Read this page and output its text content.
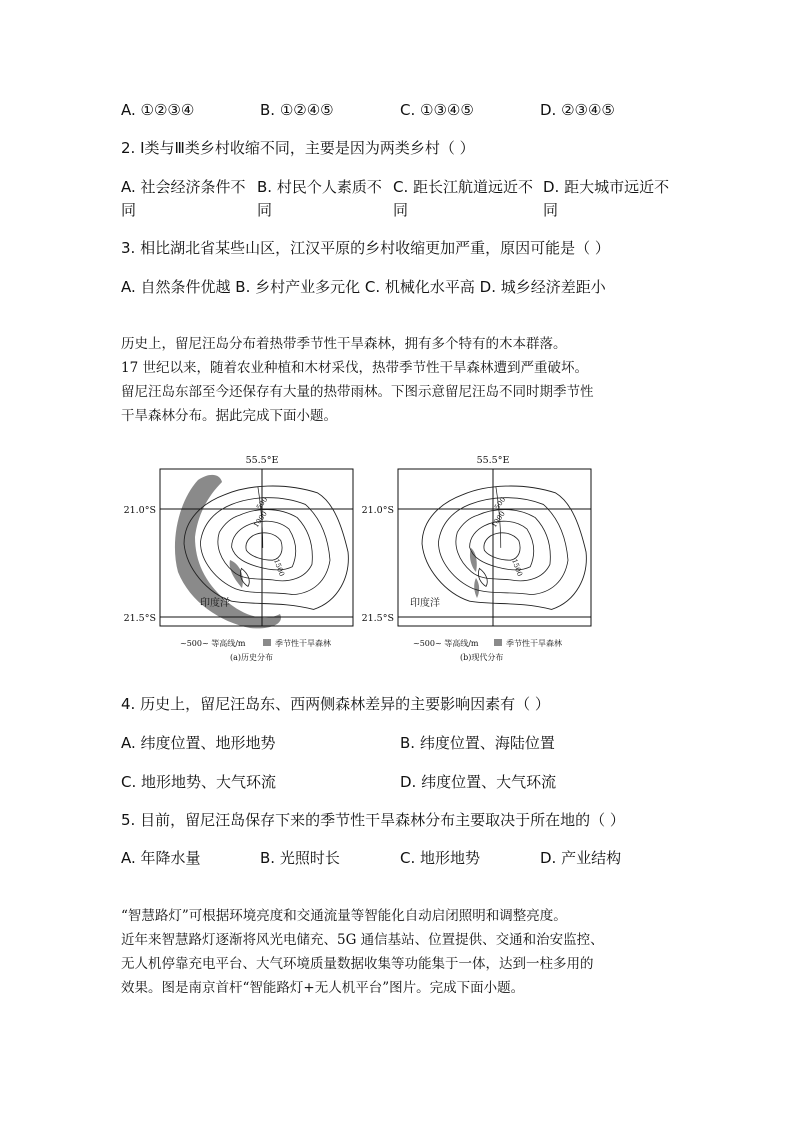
A. ①②③④	B. ①②④⑤	C. ①③④⑤	D. ②③④⑤
2. Ⅰ类与Ⅲ类乡村收缩不同，主要是因为两类乡村（ ）
A. 社会经济条件不 B. 村民个人素质不 C. 距长江航道远近不 D. 距大城市远近不
同	同	同	同
3. 相比湖北省某些山区，江汉平原的乡村收缩更加严重，原因可能是（ ）
A. 自然条件优越 B. 乡村产业多元化 C. 机械化水平高 D. 城乡经济差距小

历史上，留尼汪岛分布着热带季节性干旱森林，拥有多个特有的木本群落。

17 世纪以来，随着农业种植和木材采伐，热带季节性干旱森林遭到严重破坏。

留尼汪岛东部至今还保存有大量的热带雨林。下图示意留尼汪岛不同时期季节性

干旱森林分布。据此完成下面小题。

55.5°E
21.0°S
21.5°S
印度洋
500
1000
1500
~500~ 等高线/m	季节性干旱森林
(a)历史分布
55.5°E
21.0°S
21.5°S
印度洋
500
1000
1500
~500~ 等高线/m	季节性干旱森林
(b)现代分布
4. 历史上，留尼汪岛东、西两侧森林差异的主要影响因素有（ ）
A. 纬度位置、地形地势	B. 纬度位置、海陆位置
C. 地形地势、大气环流	D. 纬度位置、大气环流
5. 目前，留尼汪岛保存下来的季节性干旱森林分布主要取决于所在地的（ ）
A. 年降水量	B. 光照时长	C. 地形地势	D. 产业结构

“智慧路灯”可根据环境亮度和交通流量等智能化自动启闭照明和调整亮度。

近年来智慧路灯逐渐将风光电储充、5G 通信基站、位置提供、交通和治安监控、

无人机停靠充电平台、大气环境质量数据收集等功能集于一体，达到一柱多用的

效果。图是南京首杆“智能路灯+无人机平台”图片。完成下面小题。
